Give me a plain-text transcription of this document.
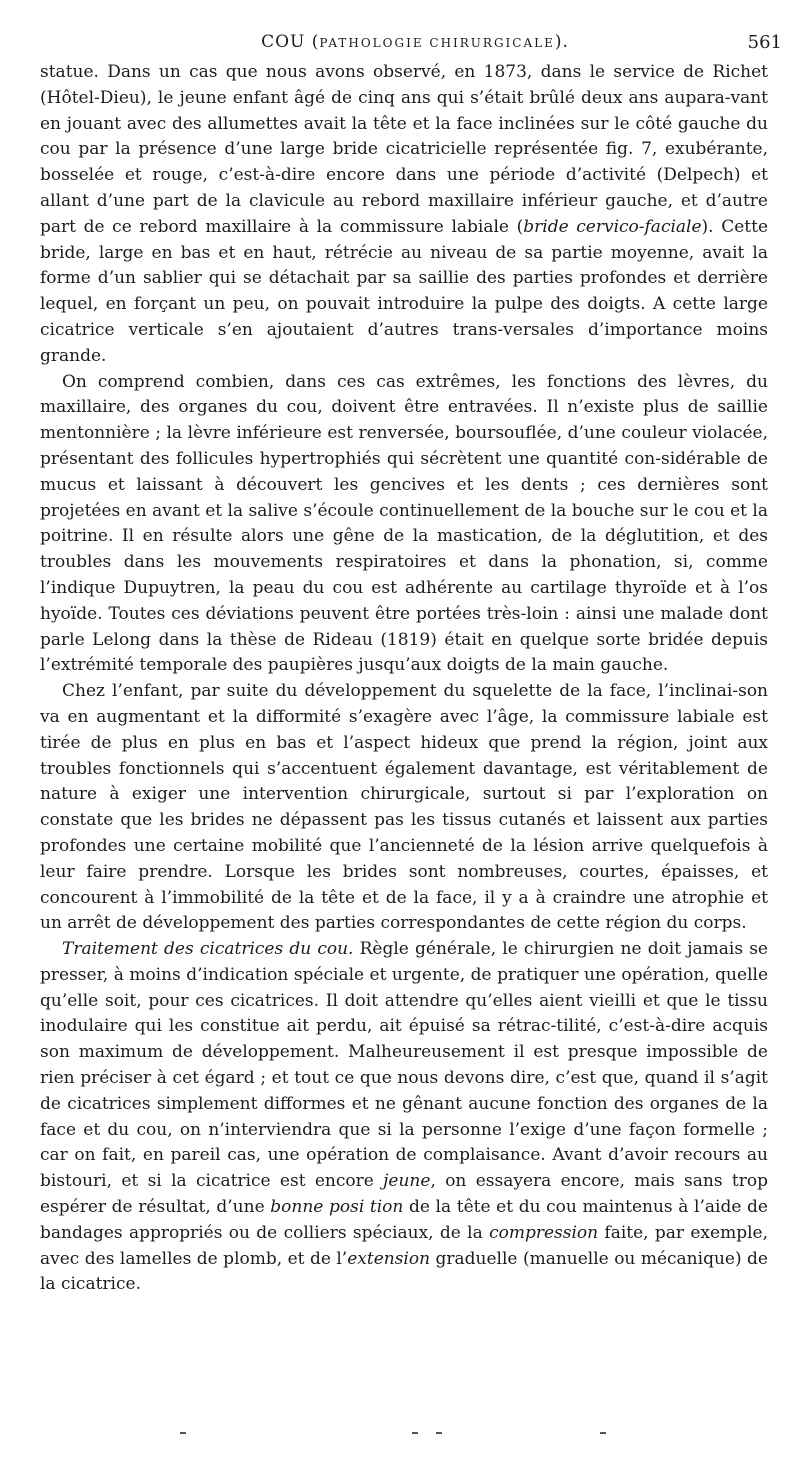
COU (PATHOLOGIE CHIRURGICALE).	561

statue. Dans un cas que nous avons observé, en 1873, dans le service de Richet (Hôtel-Dieu), le jeune enfant âgé de cinq ans qui s’était brûlé deux ans aupara-vant en jouant avec des allumettes avait la tête et la face inclinées sur le côté gauche du cou par la présence d’une large bride cicatricielle représentée fig. 7, exubérante, bosselée et rouge, c’est-à-dire encore dans une période d’activité (Delpech) et allant d’une part de la clavicule au rebord maxillaire inférieur gauche, et d’autre part de ce rebord maxillaire à la commissure labiale (bride cervico-faciale). Cette bride, large en bas et en haut, rétrécie au niveau de sa partie moyenne, avait la forme d’un sablier qui se détachait par sa saillie des parties profondes et derrière lequel, en forçant un peu, on pouvait introduire la pulpe des doigts. A cette large cicatrice verticale s’en ajoutaient d’autres trans-versales d’importance moins grande.

On comprend combien, dans ces cas extrêmes, les fonctions des lèvres, du maxillaire, des organes du cou, doivent être entravées. Il n’existe plus de saillie mentonnière ; la lèvre inférieure est renversée, boursouflée, d’une couleur violacée, présentant des follicules hypertrophiés qui sécrètent une quantité con-sidérable de mucus et laissant à découvert les gencives et les dents ; ces dernières sont projetées en avant et la salive s’écoule continuellement de la bouche sur le cou et la poitrine. Il en résulte alors une gêne de la mastication, de la déglutition, et des troubles dans les mouvements respiratoires et dans la phonation, si, comme l’indique Dupuytren, la peau du cou est adhérente au cartilage thyroïde et à l’os hyoïde. Toutes ces déviations peuvent être portées très-loin : ainsi une malade dont parle Lelong dans la thèse de Rideau (1819) était en quelque sorte bridée depuis l’extrémité temporale des paupières jusqu’aux doigts de la main gauche.

Chez l’enfant, par suite du développement du squelette de la face, l’inclinai-son va en augmentant et la difformité s’exagère avec l’âge, la commissure labiale est tirée de plus en plus en bas et l’aspect hideux que prend la région, joint aux troubles fonctionnels qui s’accentuent également davantage, est véritablement de nature à exiger une intervention chirurgicale, surtout si par l’exploration on constate que les brides ne dépassent pas les tissus cutanés et laissent aux parties profondes une certaine mobilité que l’ancienneté de la lésion arrive quelquefois à leur faire prendre. Lorsque les brides sont nombreuses, courtes, épaisses, et concourent à l’immobilité de la tête et de la face, il y a à craindre une atrophie et un arrêt de développement des parties correspondantes de cette région du corps.

Traitement des cicatrices du cou. Règle générale, le chirurgien ne doit jamais se presser, à moins d’indication spéciale et urgente, de pratiquer une opération, quelle qu’elle soit, pour ces cicatrices. Il doit attendre qu’elles aient vieilli et que le tissu inodulaire qui les constitue ait perdu, ait épuisé sa rétrac-tilité, c’est-à-dire acquis son maximum de développement. Malheureusement il est presque impossible de rien préciser à cet égard ; et tout ce que nous devons dire, c’est que, quand il s’agit de cicatrices simplement difformes et ne gênant aucune fonction des organes de la face et du cou, on n’interviendra que si la personne l’exige d’une façon formelle ; car on fait, en pareil cas, une opération de complaisance. Avant d’avoir recours au bistouri, et si la cicatrice est encore jeune, on essayera encore, mais sans trop espérer de résultat, d’une bonne posi tion de la tête et du cou maintenus à l’aide de bandages appropriés ou de colliers spéciaux, de la compression faite, par exemple, avec des lamelles de plomb, et de l’extension graduelle (manuelle ou mécanique) de la cicatrice.
